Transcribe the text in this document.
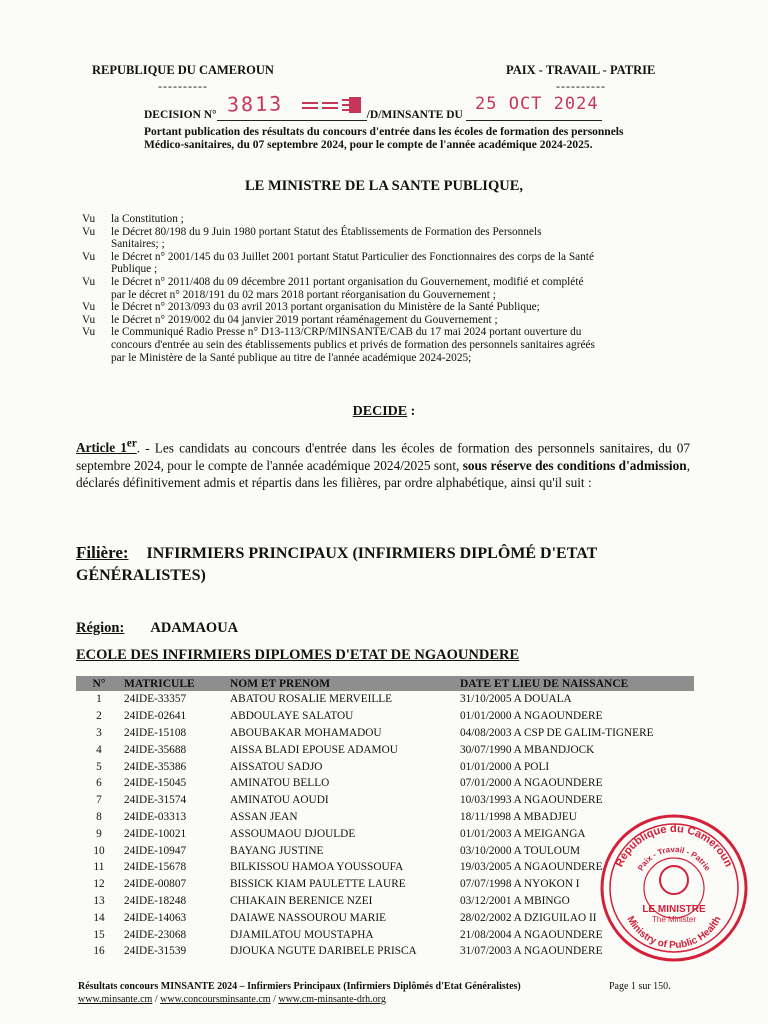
REPUBLIQUE DU CAMEROUN
----------
PAIX - TRAVAIL - PATRIE
----------
DECISION N°	/D/MINSANTE DU
3813	25 OCT 2024
Portant publication des résultats du concours d'entrée dans les écoles de formation des personnels
Médico-sanitaires, du 07 septembre 2024, pour le compte de l'année académique 2024-2025.
LE MINISTRE DE LA SANTE PUBLIQUE,
Vu	la Constitution ;
Vu	le Décret 80/198 du 9 Juin 1980 portant Statut des Établissements de Formation des Personnels
Sanitaires; ;
Vu	le Décret n° 2001/145 du 03 Juillet 2001 portant Statut Particulier des Fonctionnaires des corps de la Santé
Publique ;
Vu	le Décret n° 2011/408 du 09 décembre 2011 portant organisation du Gouvernement, modifié et complété
par le décret n° 2018/191 du 02 mars 2018 portant réorganisation du Gouvernement ;
Vu	le Décret n° 2013/093 du 03 avril 2013 portant organisation du Ministère de la Santé Publique;
Vu	le Décret n° 2019/002 du 04 janvier 2019 portant réaménagement du Gouvernement ;
Vu	le Communiqué Radio Presse n° D13-113/CRP/MINSANTE/CAB du 17 mai 2024 portant ouverture du
concours d'entrée au sein des établissements publics et privés de formation des personnels sanitaires agréés
par le Ministère de la Santé publique au titre de l'année académique 2024-2025;
DECIDE :
Article 1er. - Les candidats au concours d'entrée dans les écoles de formation des personnels sanitaires, du 07 septembre 2024, pour le compte de l'année académique 2024/2025 sont, sous réserve des conditions d'admission, déclarés définitivement admis et répartis dans les filières, par ordre alphabétique, ainsi qu'il suit :
Filière: INFIRMIERS PRINCIPAUX (INFIRMIERS DIPLÔMÉ D'ETAT GÉNÉRALISTES)
Région: ADAMAOUA
ECOLE DES INFIRMIERS DIPLOMES D'ETAT DE NGAOUNDERE
N°	MATRICULE	NOM ET PRENOM	DATE ET LIEU DE NAISSANCE
1	24IDE-33357	ABATOU ROSALIE MERVEILLE	31/10/2005 A DOUALA
2	24IDE-02641	ABDOULAYE SALATOU	01/01/2000 A NGAOUNDERE
3	24IDE-15108	ABOUBAKAR MOHAMADOU	04/08/2003 A CSP DE GALIM-TIGNERE
4	24IDE-35688	AISSA BLADI EPOUSE ADAMOU	30/07/1990 A MBANDJOCK
5	24IDE-35386	AISSATOU SADJO	01/01/2000 A POLI
6	24IDE-15045	AMINATOU BELLO	07/01/2000 A NGAOUNDERE
7	24IDE-31574	AMINATOU AOUDI	10/03/1993 A NGAOUNDERE
8	24IDE-03313	ASSAN JEAN	18/11/1998 A MBADJEU
9	24IDE-10021	ASSOUMAOU DJOULDE	01/01/2003 A MEIGANGA
10	24IDE-10947	BAYANG JUSTINE	03/10/2000 A TOULOUM
11	24IDE-15678	BILKISSOU HAMOA YOUSSOUFA	19/03/2005 A NGAOUNDERE
12	24IDE-00807	BISSICK KIAM PAULETTE LAURE	07/07/1998 A NYOKON I
13	24IDE-18248	CHIAKAIN BERENICE NZEI	03/12/2001 A MBINGO
14	24IDE-14063	DAIAWE NASSOUROU MARIE	28/02/2002 A DZIGUILAO II
15	24IDE-23068	DJAMILATOU MOUSTAPHA	21/08/2004 A NGAOUNDERE
16	24IDE-31539	DJOUKA NGUTE DARIBELE PRISCA	31/07/2003 A NGAOUNDERE
République du Cameroun
Paix - Travail - Patrie
Ministry of Public Health
LE MINISTRE
The Minister
Résultats concours MINSANTE 2024 – Infirmiers Principaux (Infirmiers Diplômés d'Etat Généralistes)	Page 1 sur 150.
www.minsante.cm / www.concoursminsante.cm / www.cm-minsante-drh.org
